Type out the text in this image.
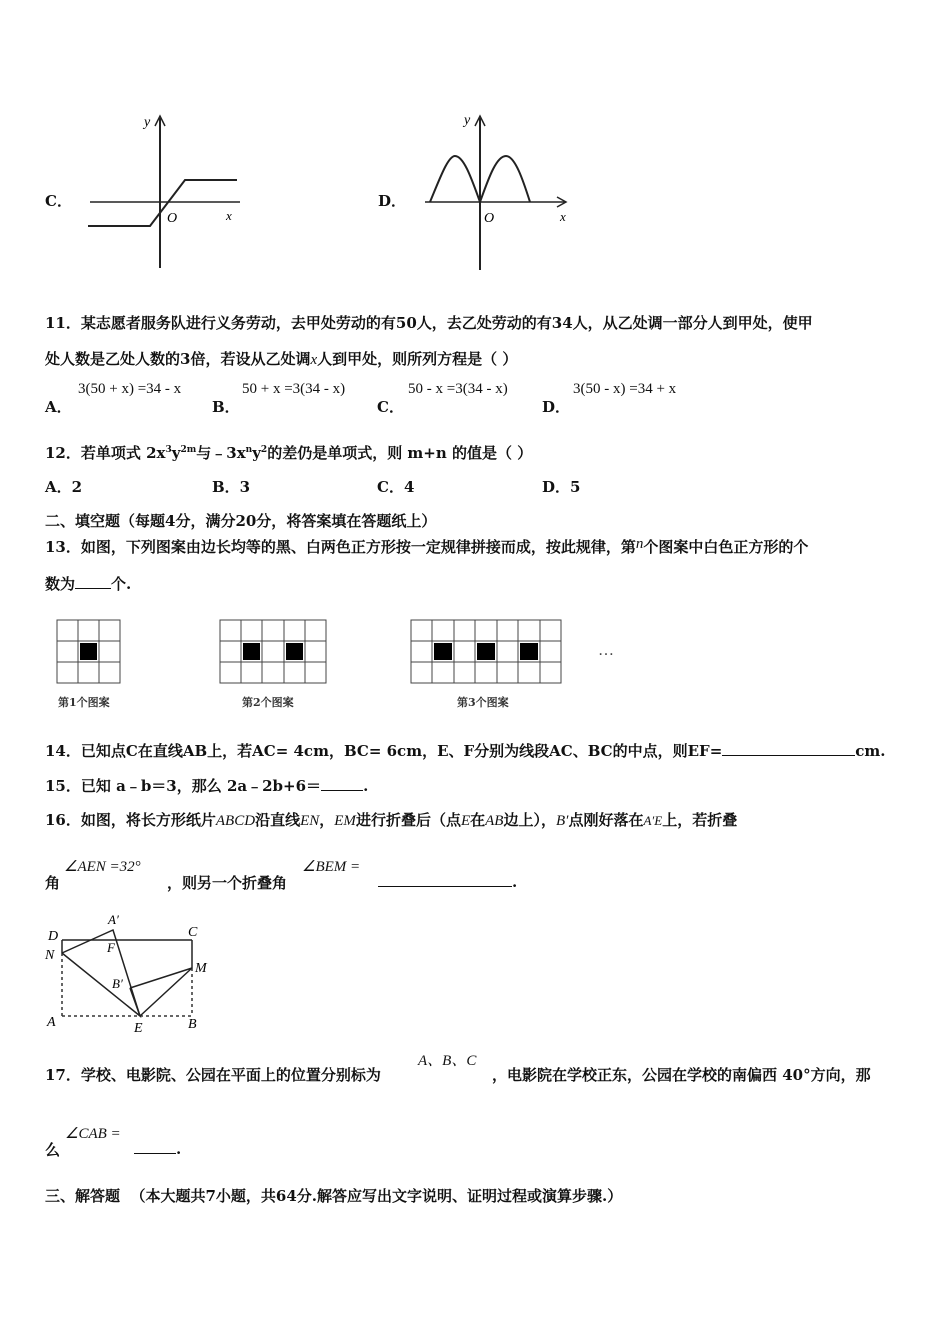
C．
y
x
O
D．
y
x
O
11．某志愿者服务队进行义务劳动，去甲处劳动的有50人，去乙处劳动的有34人，从乙处调一部分人到甲处，使甲
处人数是乙处人数的3倍，若设从乙处调x人到甲处，则所列方程是（ ）
A．
3(50 + x) =34 - x
B．
50 + x =3(34 - x)
C．
50 - x =3(34 - x)
D．
3(50 - x) =34 + x
12．若单项式 $2x^3y^{2m}$与$﹣3x^ny^2$的差仍是单项式，则 m+n 的值是（ ）
A．2	B．3	C．4	D．5
二、填空题（每题4分，满分20分，将答案填在答题纸上）
13．如图，下列图案由边长均等的黑、白两色正方形按一定规律拼接而成，按此规律，第n个图案中白色正方形的个
数为 个.
…
第1个图案	第2个图案	第3个图案
14．已知点C在直线AB上，若AC= 4cm，BC= 6cm，E、F分别为线段AC、BC的中点，则EF=	cm.
15．已知 a﹣b＝3，那么 2a﹣2b+6＝	.
16．如图，将长方形纸片ABCD沿直线EN，EM进行折叠后（点E在AB边上），B′点刚好落在A′E上，若折叠
角
∠AEN =32°
，则另一个折叠角
∠BEM =
.
D
A′
C
F
N
M
B′
A	E	B
17．学校、电影院、公园在平面上的位置分别标为
A、B、C
，电影院在学校正东，公园在学校的南偏西 40°方向，那
么
∠CAB =
.
三、解答题 （本大题共7小题，共64分.解答应写出文字说明、证明过程或演算步骤.）
